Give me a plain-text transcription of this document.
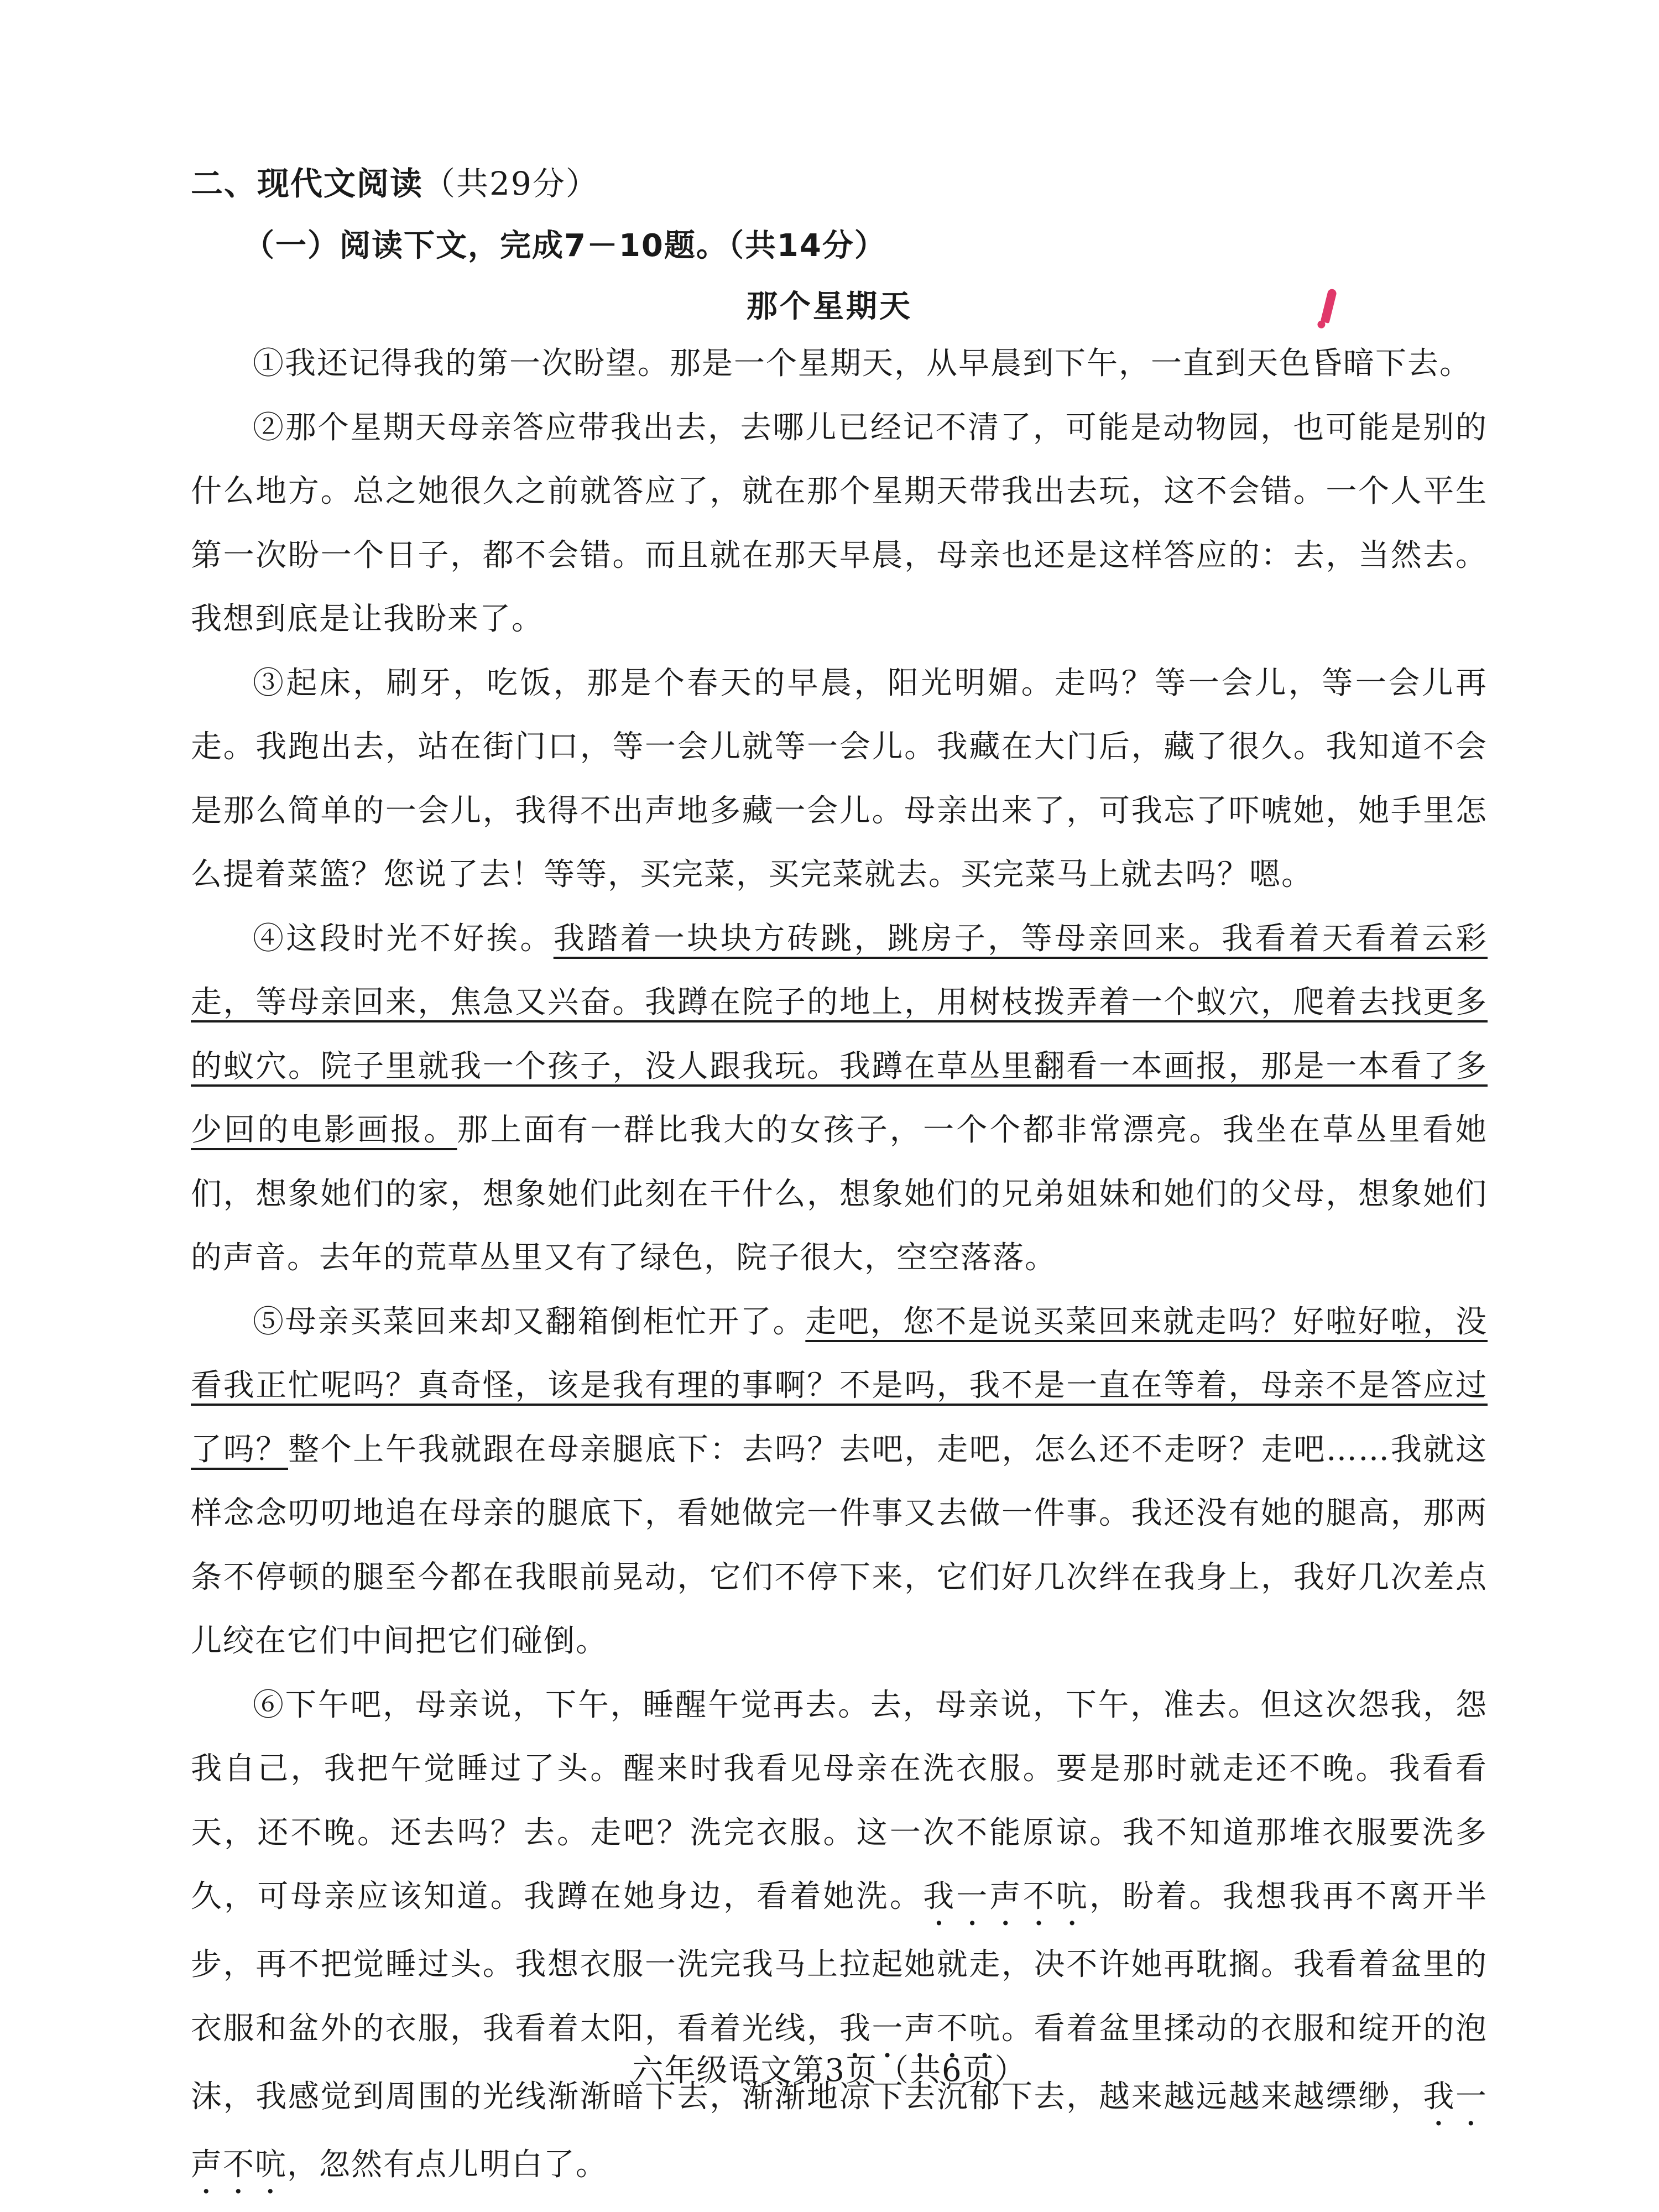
二、现代文阅读（共29分）
（一）阅读下文，完成7－10题。（共14分）
那个星期天

①我还记得我的第一次盼望。那是一个星期天，从早晨到下午，一直到天色昏暗下去。

②那个星期天母亲答应带我出去，去哪儿已经记不清了，可能是动物园，也可能是别的什么地方。总之她很久之前就答应了，就在那个星期天带我出去玩，这不会错。一个人平生第一次盼一个日子，都不会错。而且就在那天早晨，母亲也还是这样答应的：去，当然去。我想到底是让我盼来了。

③起床，刷牙，吃饭，那是个春天的早晨，阳光明媚。走吗？等一会儿，等一会儿再走。我跑出去，站在街门口，等一会儿就等一会儿。我藏在大门后，藏了很久。我知道不会是那么简单的一会儿，我得不出声地多藏一会儿。母亲出来了，可我忘了吓唬她，她手里怎么提着菜篮？您说了去！等等，买完菜，买完菜就去。买完菜马上就去吗？嗯。

④这段时光不好挨。我踏着一块块方砖跳，跳房子，等母亲回来。我看着天看着云彩走，等母亲回来，焦急又兴奋。我蹲在院子的地上，用树枝拨弄着一个蚁穴，爬着去找更多的蚁穴。院子里就我一个孩子，没人跟我玩。我蹲在草丛里翻看一本画报，那是一本看了多少回的电影画报。那上面有一群比我大的女孩子，一个个都非常漂亮。我坐在草丛里看她们，想象她们的家，想象她们此刻在干什么，想象她们的兄弟姐妹和她们的父母，想象她们的声音。去年的荒草丛里又有了绿色，院子很大，空空落落。

⑤母亲买菜回来却又翻箱倒柜忙开了。走吧，您不是说买菜回来就走吗？好啦好啦，没看我正忙呢吗？真奇怪，该是我有理的事啊？不是吗，我不是一直在等着，母亲不是答应过了吗？整个上午我就跟在母亲腿底下：去吗？去吧，走吧，怎么还不走呀？走吧……我就这样念念叨叨地追在母亲的腿底下，看她做完一件事又去做一件事。我还没有她的腿高，那两条不停顿的腿至今都在我眼前晃动，它们不停下来，它们好几次绊在我身上，我好几次差点儿绞在它们中间把它们碰倒。

⑥下午吧，母亲说，下午，睡醒午觉再去。去，母亲说，下午，准去。但这次怨我，怨我自己，我把午觉睡过了头。醒来时我看见母亲在洗衣服。要是那时就走还不晚。我看看天，还不晚。还去吗？去。走吧？洗完衣服。这一次不能原谅。我不知道那堆衣服要洗多久，可母亲应该知道。我蹲在她身边，看着她洗。我一声不吭，盼着。我想我再不离开半步，再不把觉睡过头。我想衣服一洗完我马上拉起她就走，决不许她再耽搁。我看着盆里的衣服和盆外的衣服，我看着太阳，看着光线，我一声不吭。看着盆里揉动的衣服和绽开的泡沫，我感觉到周围的光线渐渐暗下去，渐渐地凉下去沉郁下去，越来越远越来越缥缈，我一声不吭，忽然有点儿明白了。

六年级语文第3页（共6页）
